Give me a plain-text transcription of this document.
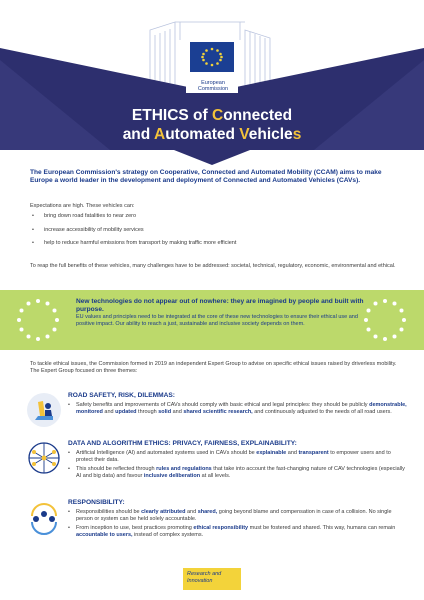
European
Commission
ETHICS of Connected
and Automated Vehicles

The European Commission's strategy on Cooperative, Connected and Automated Mobility (CCAM) aims to make Europe a world leader in the development and deployment of Connected and Automated Vehicles (CAVs).

Expectations are high. These vehicles can:

• bring down road fatalities to near zero
• increase accessibility of mobility services
• help to reduce harmful emissions from transport by making traffic more efficient

To reap the full benefits of these vehicles, many challenges have to be addressed: societal, technical, regulatory, economic, environmental and ethical.

New technologies do not appear out of nowhere: they are imagined by people and built with purpose.

EU values and principles need to be integrated at the core of these new technologies to ensure their ethical use and positive impact. Our ability to reach a just, sustainable and inclusive society depends on them.

To tackle ethical issues, the Commission formed in 2019 an independent Expert Group to advise on specific ethical issues raised by driverless mobility. The Expert Group focused on three themes:

ROAD SAFETY, RISK, DILEMMAS:
• Safety benefits and improvements of CAVs should comply with basic ethical and legal principles: they should be publicly demonstrable, monitored and updated through solid and shared scientific research, and continuously adjusted to the needs of all road users.
DATA AND ALGORITHM ETHICS: PRIVACY, FAIRNESS, EXPLAINABILITY:
• Artificial Intelligence (AI) and automated systems used in CAVs should be explainable and transparent to empower users and to protect their data.
• This should be reflected through rules and regulations that take into account the fast-changing nature of CAV technologies (especially AI and big data) and favour inclusive deliberation at all levels.
RESPONSIBILITY:
• Responsibilities should be clearly attributed and shared, going beyond blame and compensation in case of a collision. No single person or system can be held solely accountable.
• From inception to use, best practices promoting ethical responsibility must be fostered and shared. This way, humans can remain accountable to users, instead of complex systems.
Research and
Innovation
